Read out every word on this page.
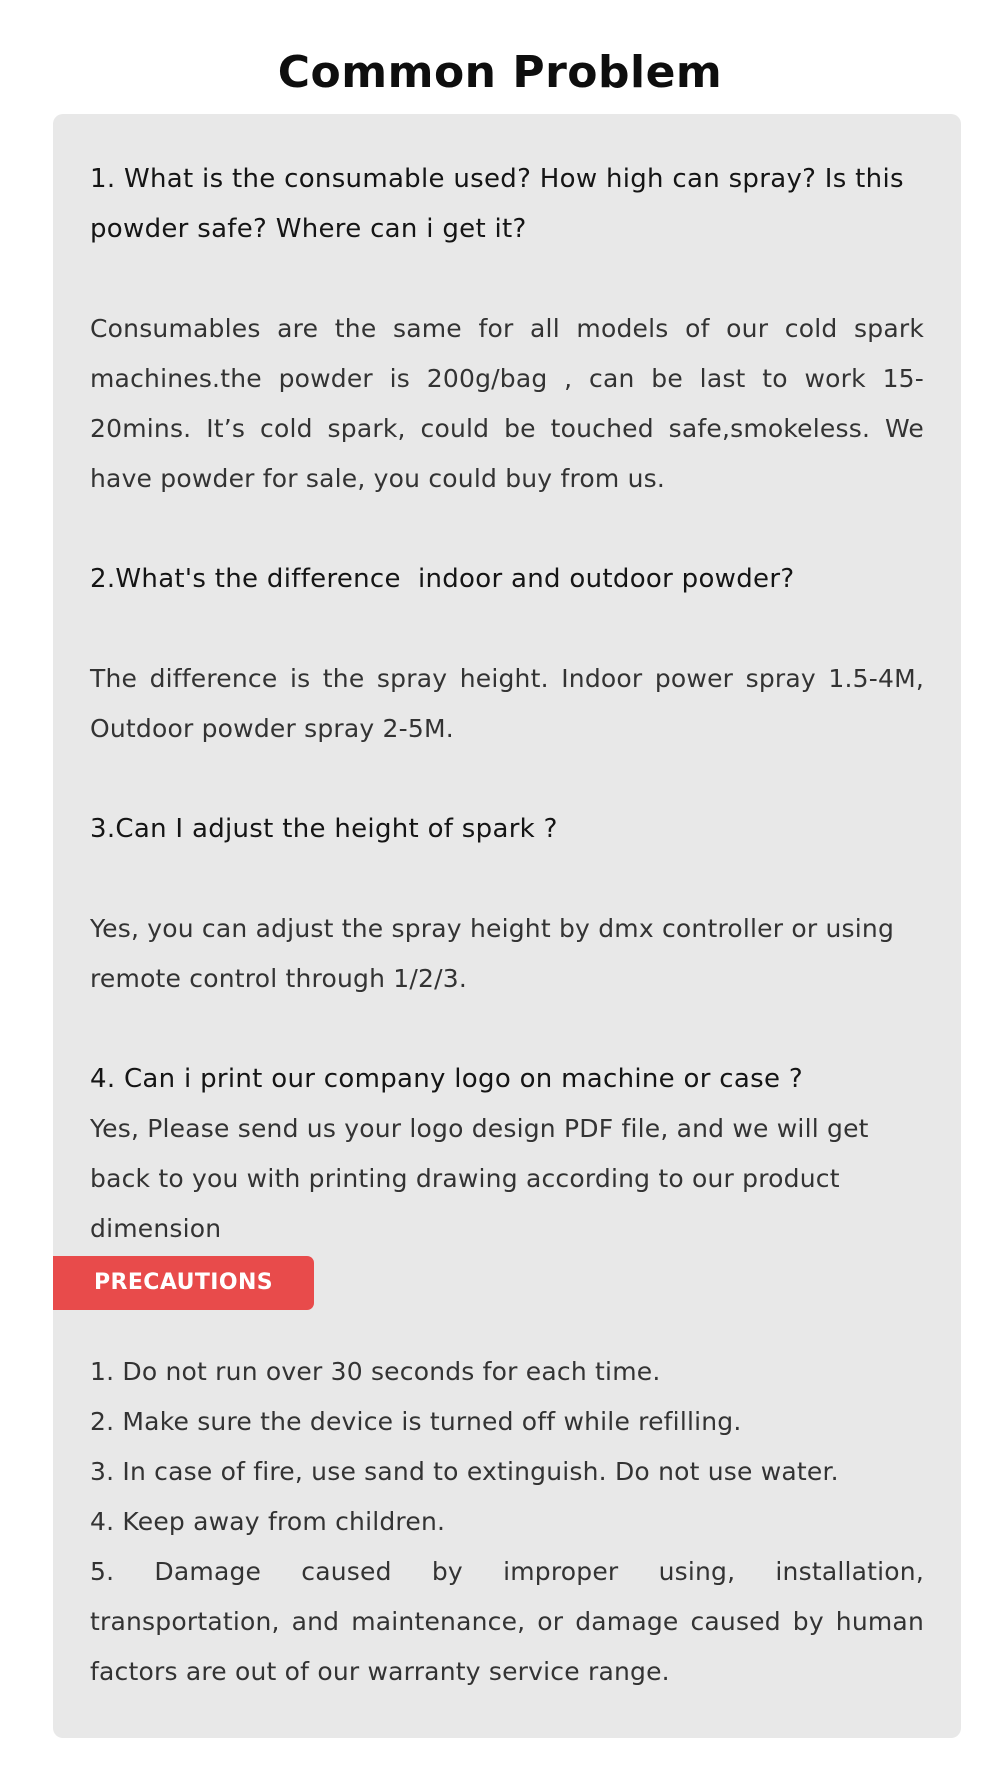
Common Problem

1. What is the consumable used? How high can spray? Is this powder safe? Where can i get it?

Consumables are the same for all models of our cold spark machines.the powder is 200g/bag , can be last to work 15-20mins. It’s cold spark, could be touched safe,smokeless. We have powder for sale, you could buy from us.

2.What's the difference  indoor and outdoor powder?

The difference is the spray height. Indoor power spray 1.5-4M, Outdoor powder spray 2-5M.

3.Can I adjust the height of spark ?

Yes, you can adjust the spray height by dmx controller or using remote control through 1/2/3.

4. Can i print our company logo on machine or case ?

Yes, Please send us your logo design PDF file, and we will get back to you with printing drawing according to our product dimension

PRECAUTIONS
1. Do not run over 30 seconds for each time.
2. Make sure the device is turned off while refilling.
3. In case of fire, use sand to extinguish. Do not use water.
4. Keep away from children.
5. Damage caused by improper using, installation, transportation, and maintenance, or damage caused by human factors are out of our warranty service range.
